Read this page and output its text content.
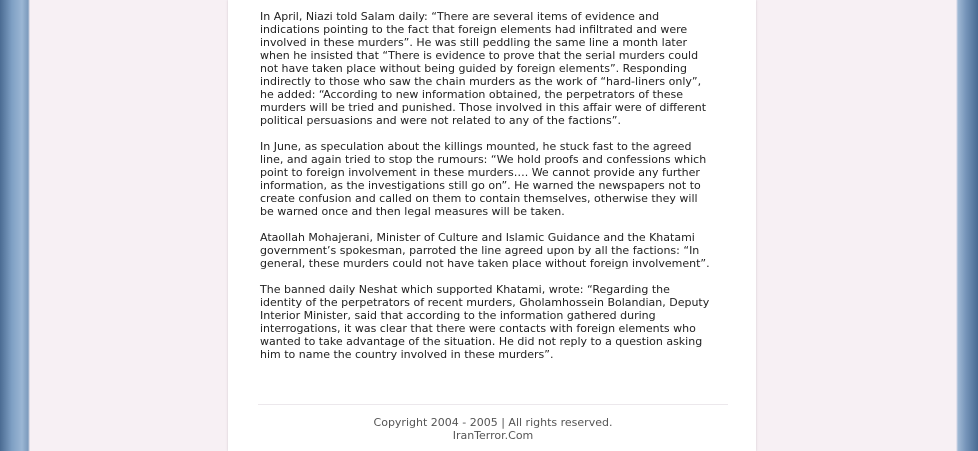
In April, Niazi told Salam daily: “There are several items of evidence and
indications pointing to the fact that foreign elements had infiltrated and were
involved in these murders”. He was still peddling the same line a month later
when he insisted that “There is evidence to prove that the serial murders could
not have taken place without being guided by foreign elements”. Responding
indirectly to those who saw the chain murders as the work of “hard-liners only”,
he added: “According to new information obtained, the perpetrators of these
murders will be tried and punished. Those involved in this affair were of different
political persuasions and were not related to any of the factions”.

In June, as speculation about the killings mounted, he stuck fast to the agreed
line, and again tried to stop the rumours: “We hold proofs and confessions which
point to foreign involvement in these murders…. We cannot provide any further
information, as the investigations still go on”. He warned the newspapers not to
create confusion and called on them to contain themselves, otherwise they will
be warned once and then legal measures will be taken.

Ataollah Mohajerani, Minister of Culture and Islamic Guidance and the Khatami
government’s spokesman, parroted the line agreed upon by all the factions: “In
general, these murders could not have taken place without foreign involvement”.

The banned daily Neshat which supported Khatami, wrote: “Regarding the
identity of the perpetrators of recent murders, Gholamhossein Bolandian, Deputy
Interior Minister, said that according to the information gathered during
interrogations, it was clear that there were contacts with foreign elements who
wanted to take advantage of the situation. He did not reply to a question asking
him to name the country involved in these murders”.

Copyright 2004 - 2005 | All rights reserved.
IranTerror.Com
